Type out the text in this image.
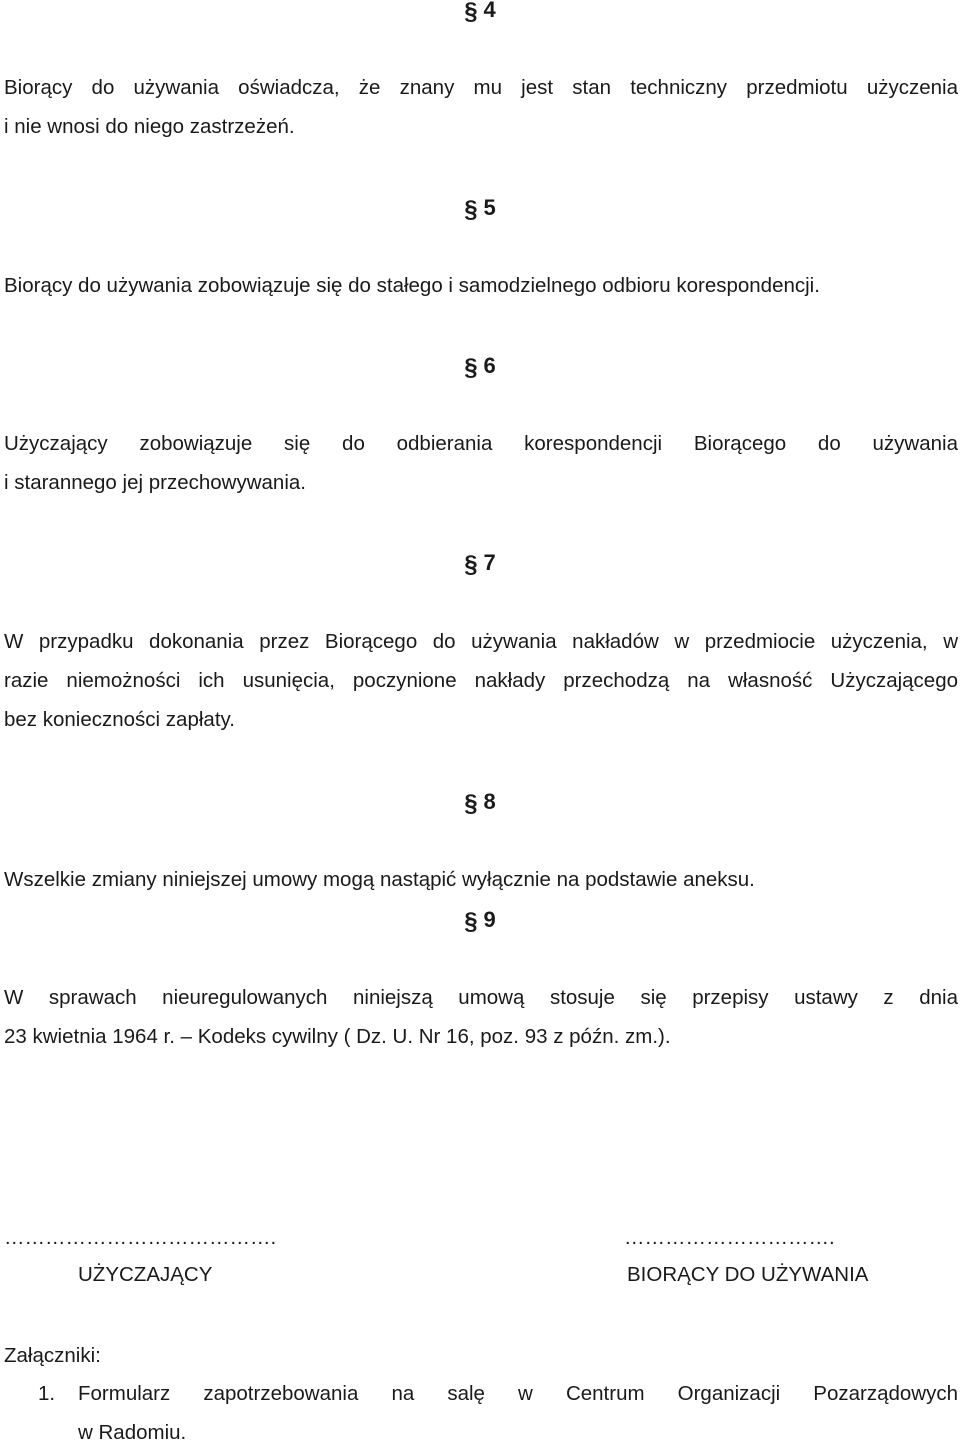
§ 4
Biorący do używania oświadcza, że znany mu jest stan techniczny przedmiotu użyczenia
i nie wnosi do niego zastrzeżeń.
§ 5
Biorący do używania zobowiązuje się do stałego i samodzielnego odbioru korespondencji.
§ 6
Użyczający zobowiązuje się do odbierania korespondencji Biorącego do używania
i starannego jej przechowywania.
§ 7
W przypadku dokonania przez Biorącego do używania nakładów w przedmiocie użyczenia, w
razie niemożności ich usunięcia, poczynione nakłady przechodzą na własność Użyczającego
bez konieczności zapłaty.
§ 8
Wszelkie zmiany niniejszej umowy mogą nastąpić wyłącznie na podstawie aneksu.
§ 9
W sprawach nieuregulowanych niniejszą umową stosuje się przepisy ustawy z dnia
23 kwietnia 1964 r. – Kodeks cywilny ( Dz. U. Nr 16, poz. 93 z późn. zm.).
………………………………….
UŻYCZAJĄCY
………………………….
BIORĄCY DO UŻYWANIA
Załączniki:
1. Formularz zapotrzebowania na salę w Centrum Organizacji Pozarządowych
w Radomiu.
